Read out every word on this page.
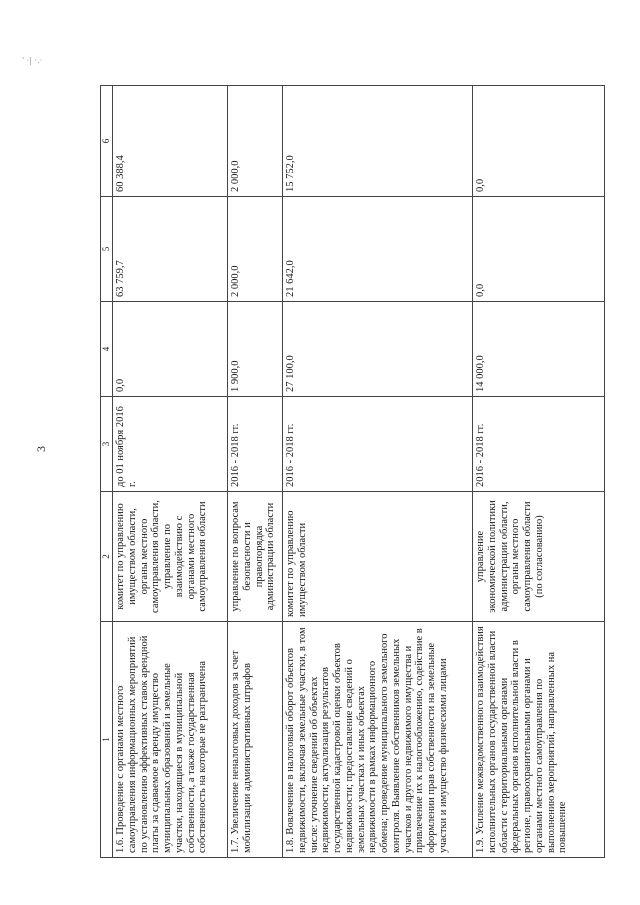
' ·| ·.·
3
1	2	3	4	5	6
1.6. Проведение с органами местного самоуправления информационных мероприятий по установлению эффективных ставок арендной платы за сдаваемое в аренду имущество муниципальных образований и земельные участки, находящиеся в муниципальной собственности, а также государственная собственность на которые не разграничена	комитет по управлению имуществом области, органы местного самоуправления области, управление по взаимодействию с органами местного самоуправления области	до 01 ноября 2016 г.	0,0	63 759,7	60 388,4
1.7. Увеличение неналоговых доходов за счет мобилизации административных штрафов	управление по вопросам безопасности и правопорядка администрации области	2016 - 2018 гг.	1 900,0	2 000,0	2 000,0
1.8. Вовлечение в налоговый оборот объектов недвижимости, включая земельные участки, в том числе: уточнение сведений об объектах недвижимости; актуализация результатов государственной кадастровой оценки объектов недвижимости; предоставление сведений о земельных участках и иных объектах недвижимости в рамках информационного обмена; проведение муниципального земельного контроля. Выявление собственников земельных участков и другого недвижимого имущества и привлечение их к налогообложению, содействие в оформлении прав собственности на земельные участки и имущество физическими лицами	комитет по управлению имуществом области	2016 - 2018 гг.	27 100,0	21 642,0	15 752,0
1.9. Усиление межведомственного взаимодействия исполнительных органов государственной власти области с территориальными органами федеральных органов исполнительной власти в регионе, правоохранительными органами и органами местного самоуправления по выполнению мероприятий, направленных на повышение	управление экономической политики администрации области, органы местного самоуправления области (по согласованию)	2016 - 2018 гг.	14 000,0	0,0	0,0
